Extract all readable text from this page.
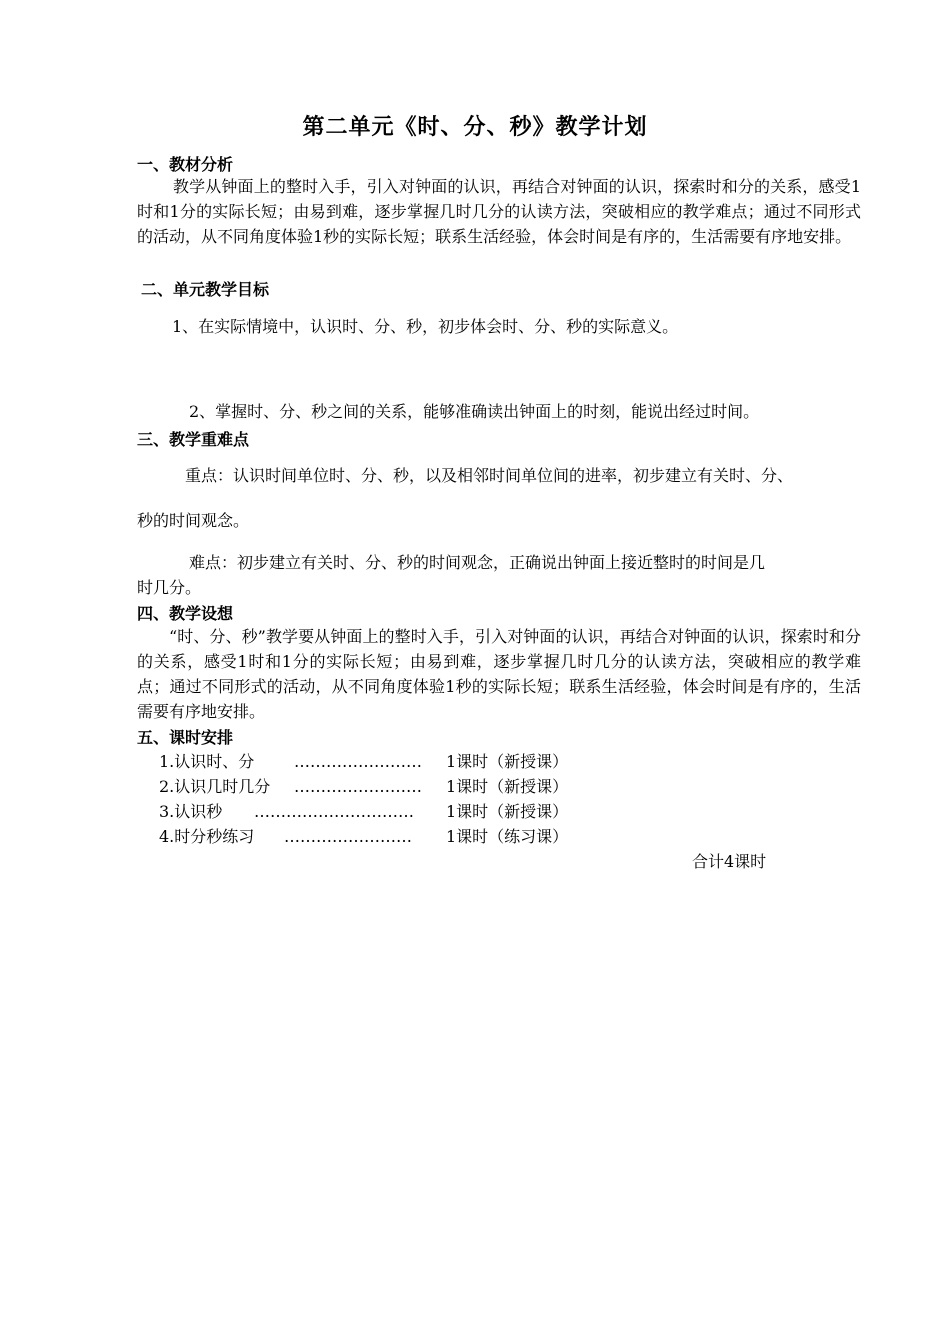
第二单元《时、分、秒》教学计划
一、教材分析
教学从钟面上的整时入手，引入对钟面的认识，再结合对钟面的认识，探索时和分的关系，感受1时和1分的实际长短；由易到难，逐步掌握几时几分的认读方法，突破相应的教学难点；通过不同形式的活动，从不同角度体验1秒的实际长短；联系生活经验，体会时间是有序的，生活需要有序地安排。
二、单元教学目标
1、在实际情境中，认识时、分、秒，初步体会时、分、秒的实际意义。
2、掌握时、分、秒之间的关系，能够准确读出钟面上的时刻，能说出经过时间。
三、教学重难点
重点：认识时间单位时、分、秒，以及相邻时间单位间的进率，初步建立有关时、分、
秒的时间观念。
难点：初步建立有关时、分、秒的时间观念，正确说出钟面上接近整时的时间是几
时几分。
四、教学设想
“时、分、秒”教学要从钟面上的整时入手，引入对钟面的认识，再结合对钟面的认识，探索时和分的关系，感受1时和1分的实际长短；由易到难，逐步掌握几时几分的认读方法，突破相应的教学难点；通过不同形式的活动，从不同角度体验1秒的实际长短；联系生活经验，体会时间是有序的，生活需要有序地安排。
五、课时安排
1.认识时、分 …………………… 1课时（新授课）
2.认识几时几分 …………………… 1课时（新授课）
3.认识秒 ………………………… 1课时（新授课）
4.时分秒练习 …………………… 1课时（练习课）
合计4课时
